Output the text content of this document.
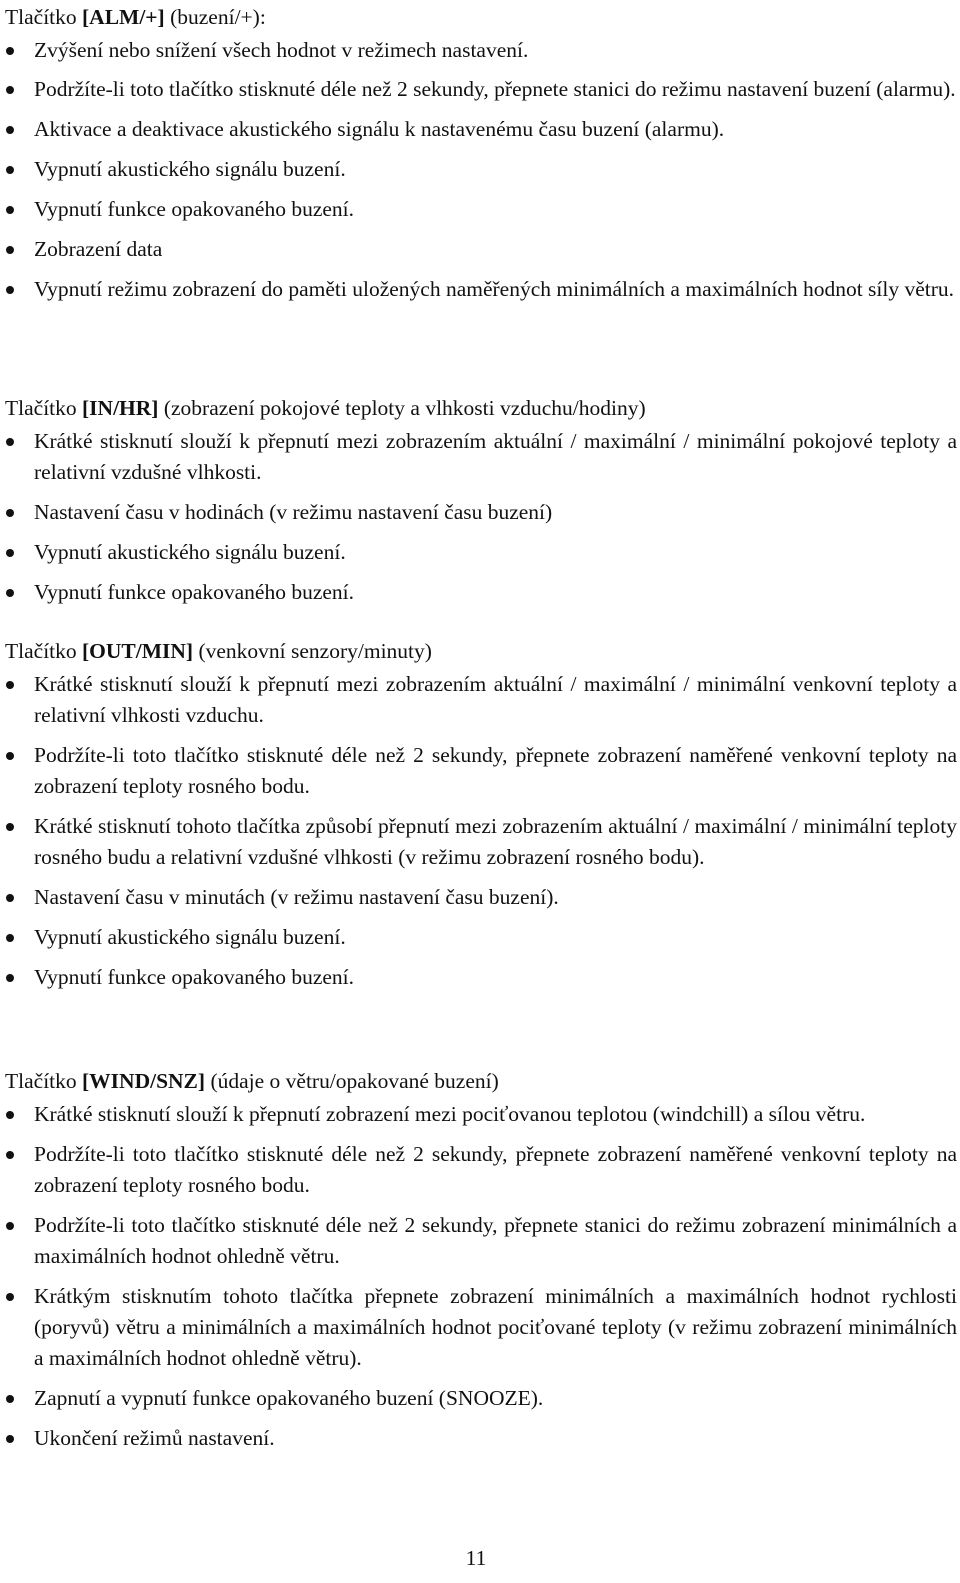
Tlačítko [ALM/+] (buzení/+):

Zvýšení nebo snížení všech hodnot v režimech nastavení.
Podržíte-li toto tlačítko stisknuté déle než 2 sekundy, přepnete stanici do režimu nastavení buzení (alarmu).
Aktivace a deaktivace akustického signálu k nastavenému času buzení (alarmu).
Vypnutí akustického signálu buzení.
Vypnutí funkce opakovaného buzení.
Zobrazení data
Vypnutí režimu zobrazení do paměti uložených naměřených minimálních a maximálních hodnot síly větru.

Tlačítko [IN/HR] (zobrazení pokojové teploty a vlhkosti vzduchu/hodiny)

Krátké stisknutí slouží k přepnutí mezi zobrazením aktuální / maximální / minimální pokojové teploty a relativní vzdušné vlhkosti.
Nastavení času v hodinách (v režimu nastavení času buzení)
Vypnutí akustického signálu buzení.
Vypnutí funkce opakovaného buzení.

Tlačítko [OUT/MIN] (venkovní senzory/minuty)

Krátké stisknutí slouží k přepnutí mezi zobrazením aktuální / maximální / minimální venkovní teploty a relativní vlhkosti vzduchu.
Podržíte-li toto tlačítko stisknuté déle než 2 sekundy, přepnete zobrazení naměřené venkovní teploty na zobrazení teploty rosného bodu.
Krátké stisknutí tohoto tlačítka způsobí přepnutí mezi zobrazením aktuální / maximální / minimální teploty rosného budu a relativní vzdušné vlhkosti (v režimu zobrazení rosného bodu).
Nastavení času v minutách (v režimu nastavení času buzení).
Vypnutí akustického signálu buzení.
Vypnutí funkce opakovaného buzení.

Tlačítko [WIND/SNZ] (údaje o větru/opakované buzení)

Krátké stisknutí slouží k přepnutí zobrazení mezi pociťovanou teplotou (windchill) a sílou větru.
Podržíte-li toto tlačítko stisknuté déle než 2 sekundy, přepnete zobrazení naměřené venkovní teploty na zobrazení teploty rosného bodu.
Podržíte-li toto tlačítko stisknuté déle než 2 sekundy, přepnete stanici do režimu zobrazení minimálních a maximálních hodnot ohledně větru.
Krátkým stisknutím tohoto tlačítka přepnete zobrazení minimálních a maximálních hodnot rychlosti (poryvů) větru a minimálních a maximálních hodnot pociťované teploty (v režimu zobrazení minimálních a maximálních hodnot ohledně větru).
Zapnutí a vypnutí funkce opakovaného buzení (SNOOZE).
Ukončení režimů nastavení.
11
